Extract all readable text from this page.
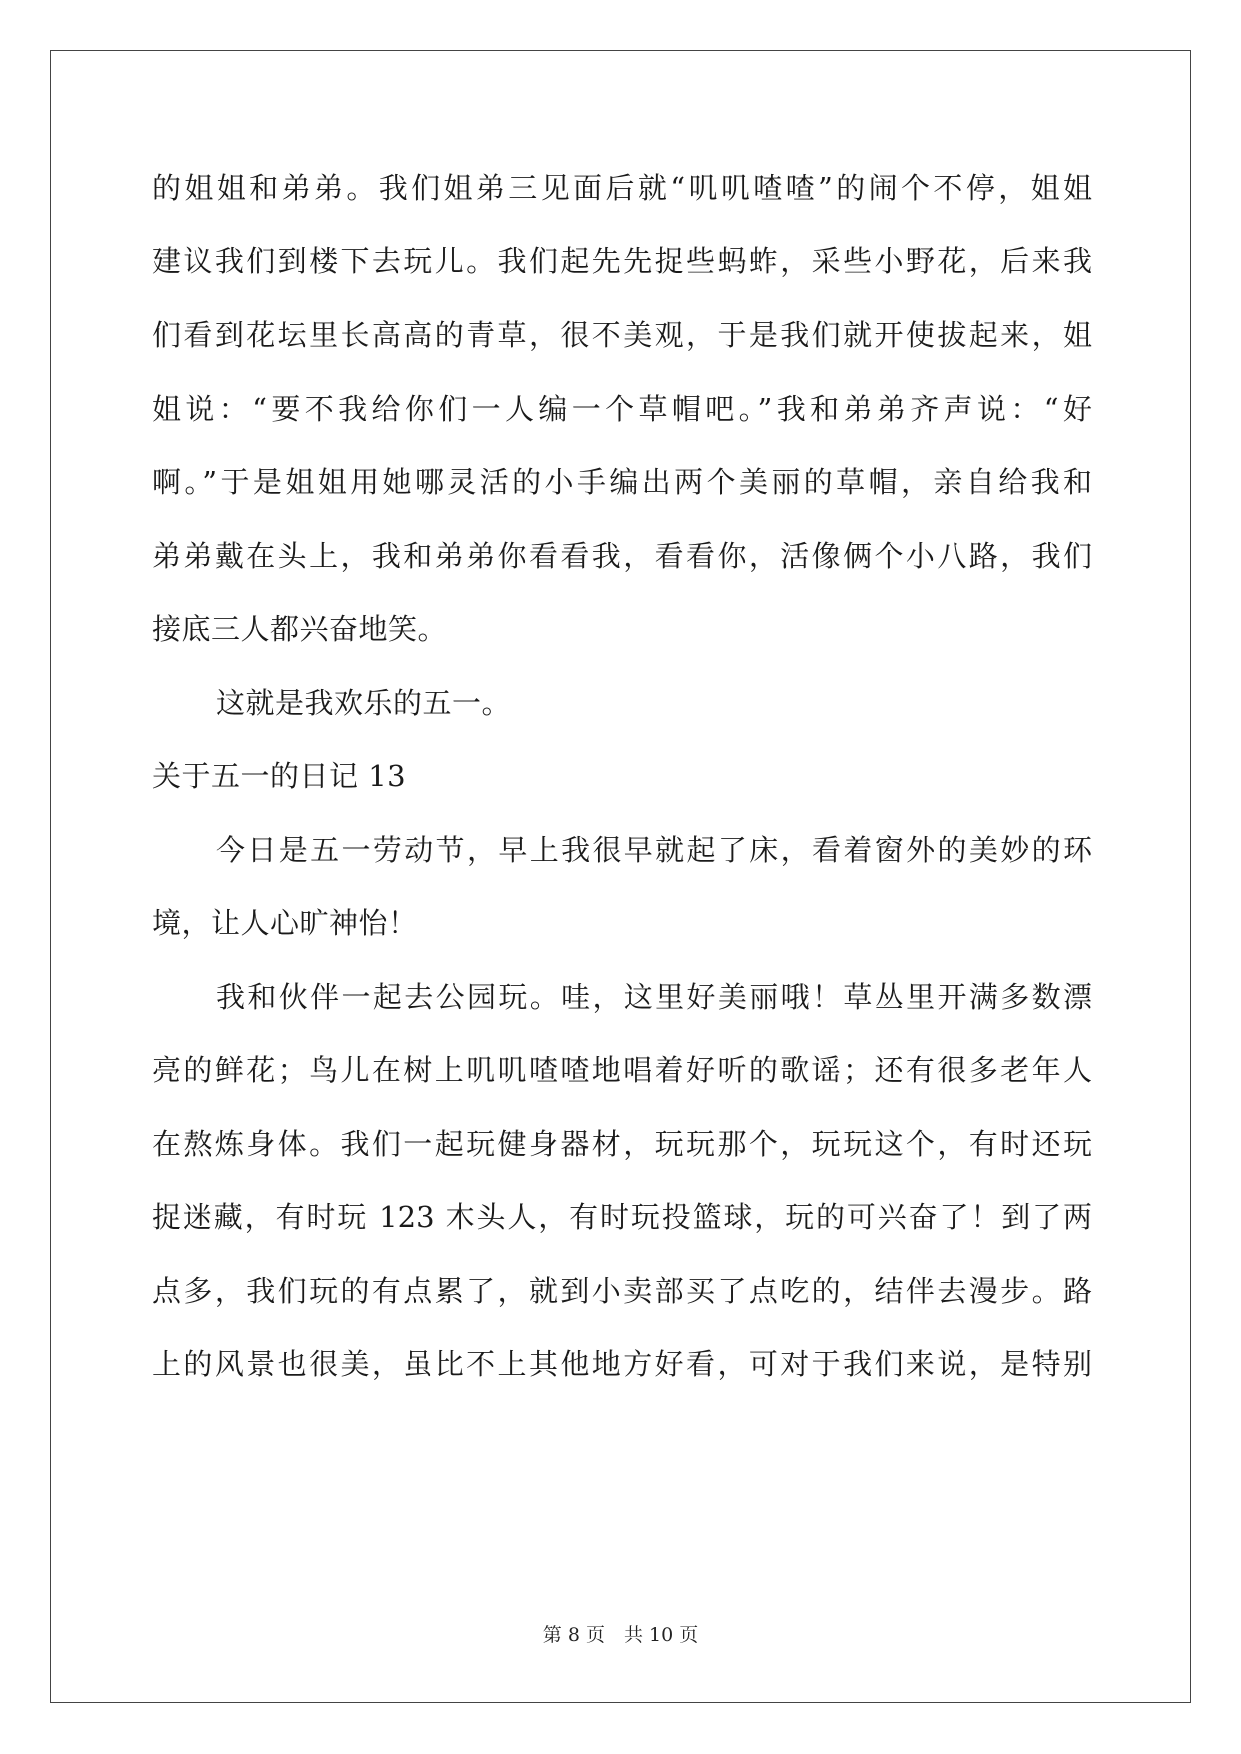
的姐姐和弟弟。我们姐弟三见面后就“叽叽喳喳”的闹个不停，姐姐
建议我们到楼下去玩儿。我们起先先捉些蚂蚱，采些小野花，后来我
们看到花坛里长高高的青草，很不美观，于是我们就开使拔起来，姐
姐说：“要不我给你们一人编一个草帽吧。”我和弟弟齐声说：“好
啊。”于是姐姐用她哪灵活的小手编出两个美丽的草帽，亲自给我和
弟弟戴在头上，我和弟弟你看看我，看看你，活像俩个小八路，我们
接底三人都兴奋地笑。
这就是我欢乐的五一。
关于五一的日记 13
今日是五一劳动节，早上我很早就起了床，看着窗外的美妙的环
境，让人心旷神怡！
我和伙伴一起去公园玩。哇，这里好美丽哦！草丛里开满多数漂
亮的鲜花；鸟儿在树上叽叽喳喳地唱着好听的歌谣；还有很多老年人
在熬炼身体。我们一起玩健身器材，玩玩那个，玩玩这个，有时还玩
捉迷藏，有时玩 123 木头人，有时玩投篮球，玩的可兴奋了！到了两
点多，我们玩的有点累了，就到小卖部买了点吃的，结伴去漫步。路
上的风景也很美，虽比不上其他地方好看，可对于我们来说，是特别
第 8 页　共 10 页
